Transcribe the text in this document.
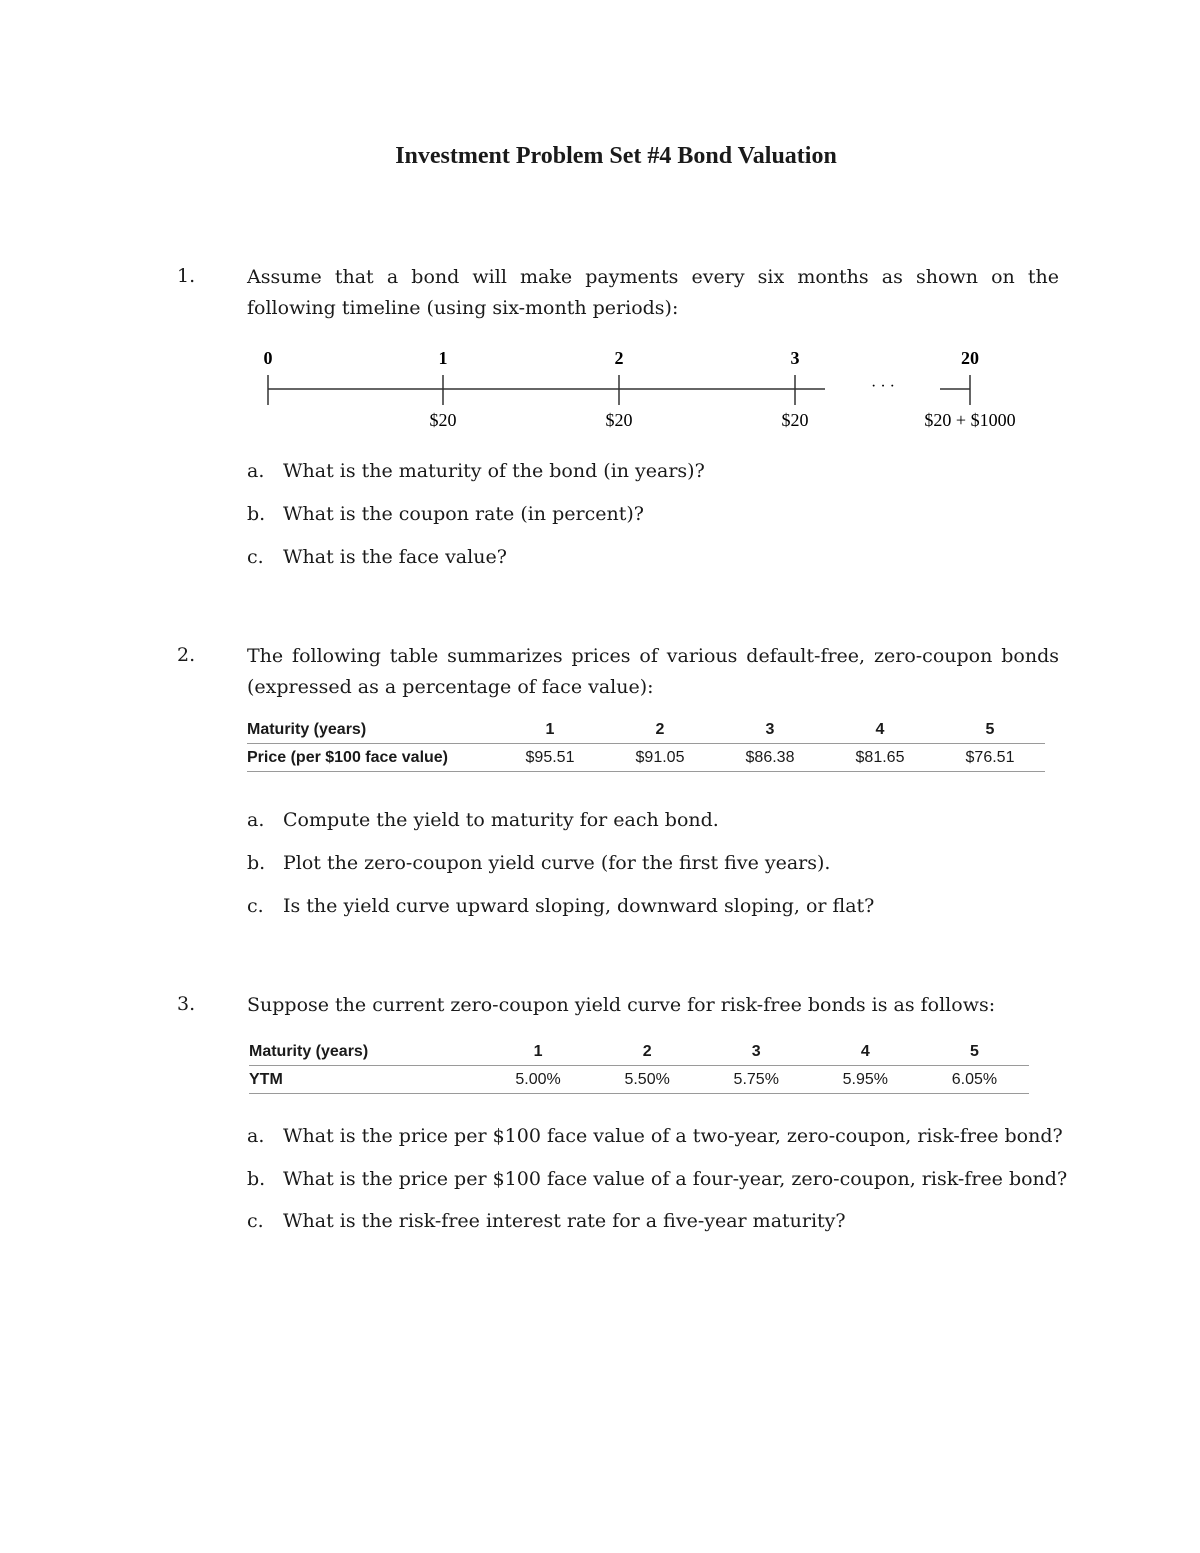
Investment Problem Set #4 Bond Valuation
1.	Assume that a bond will make payments every six months as shown on the following timeline (using six-month periods):
0	1	2	3	20
· · ·
$20	$20	$20	$20 + $1000
a. What is the maturity of the bond (in years)?
b. What is the coupon rate (in percent)?
c. What is the face value?
2.	The following table summarizes prices of various default-free, zero-coupon bonds (expressed as a percentage of face value):
Maturity (years)	1	2	3	4	5
Price (per $100 face value)	$95.51	$91.05	$86.38	$81.65	$76.51
a. Compute the yield to maturity for each bond.
b. Plot the zero-coupon yield curve (for the first five years).
c. Is the yield curve upward sloping, downward sloping, or flat?
3.	Suppose the current zero-coupon yield curve for risk-free bonds is as follows:
Maturity (years)	1	2	3	4	5
YTM	5.00%	5.50%	5.75%	5.95%	6.05%
a. What is the price per $100 face value of a two-year, zero-coupon, risk-free bond?
b. What is the price per $100 face value of a four-year, zero-coupon, risk-free bond?
c. What is the risk-free interest rate for a five-year maturity?
